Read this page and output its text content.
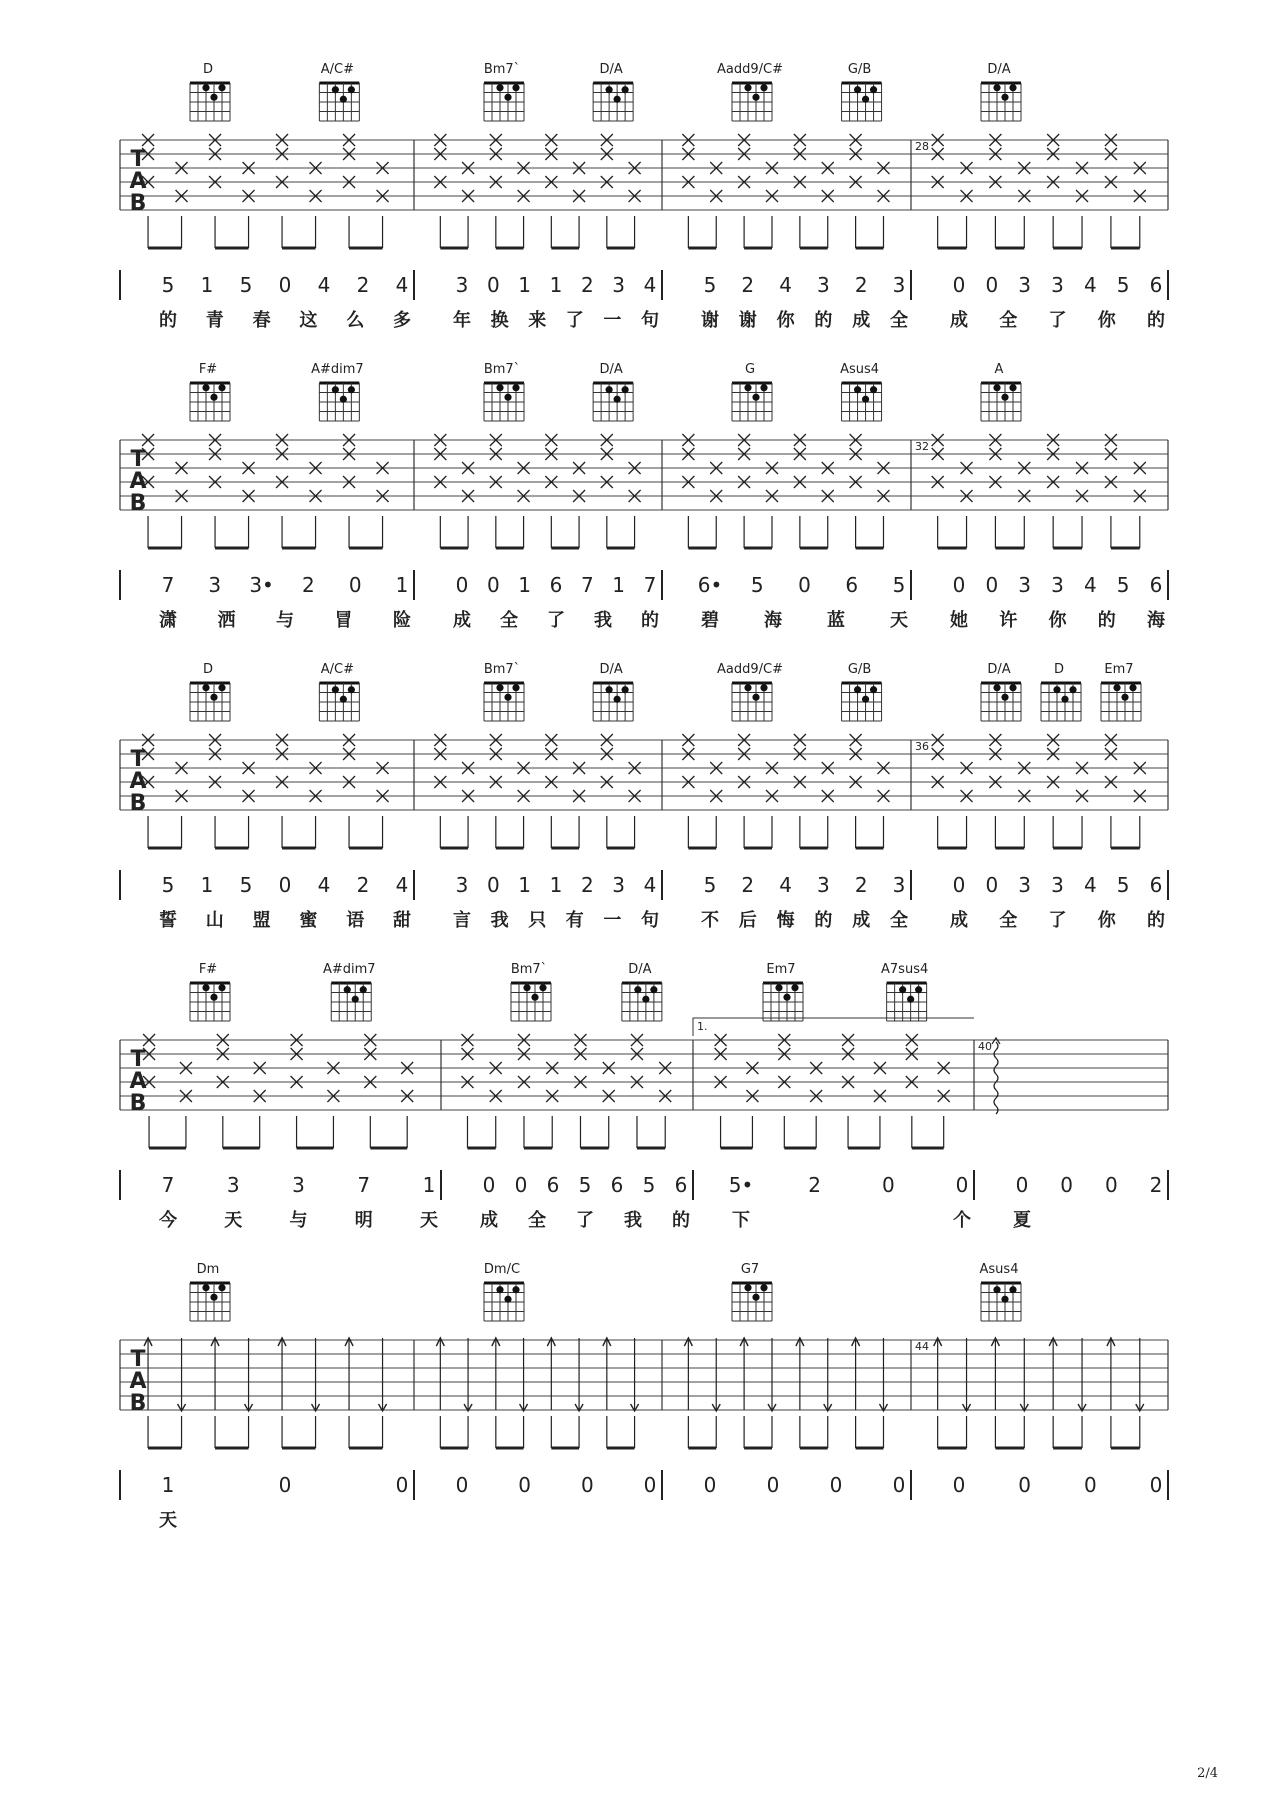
D	A/C#	Bm7`	D/A	Aadd9/C#	G/B	D/A
T
A
B
28
5 1 5 0 4 2 4
的 青 春 这 么 多
3 0 1 1 2 3 4
年 换 来 了 一 句
5 2 4 3 2 3
谢 谢 你 的 成 全
0 0 3 3 4 5 6
成 全 了 你 的
F#	A#dim7	Bm7`	D/A	G	Asus4	A
T
A
B
32
7 3 3• 2 0 1
潇 洒 与 冒 险
0 0 1 6 7 1 7
成 全 了 我 的
6• 5 0 6 5
碧	海	蓝	天
0 0 3 3 4 5 6
她 许 你 的 海
D	A/C#	Bm7`	D/A	Aadd9/C#	G/B	D/A	D	Em7
T
A
B
36
5 1 5 0 4 2 4
誓 山 盟 蜜 语 甜
3 0 1 1 2 3 4
言 我 只 有 一 句
5 2 4 3 2 3
不 后 悔 的 成 全
0 0 3 3 4 5 6
成 全 了 你 的
F#	A#dim7	Bm7`	D/A	Em7	A7sus4
T
A
B
40
1.
7	3	3	7	1
今	天	与	明	天
0 0 6 5 6 5 6
成 全 了 我 的
5•	2	0	0
下	个
0 0 0 2
夏
Dm	Dm/C	G7	Asus4
T
A
B
44
1	0	0
天
0 0 0 0 0	0	0	0 0	0	0	0
2/4
